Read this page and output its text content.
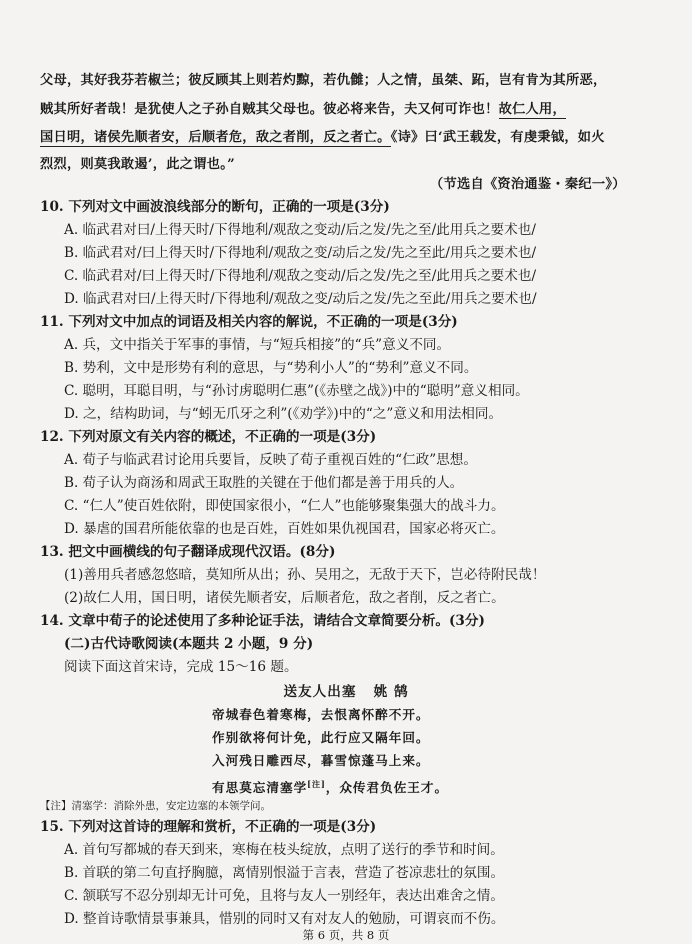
父母，其好我芬若椒兰；彼反顾其上则若灼黥，若仇雠；人之情，虽桀、跖，岂有肯为其所恶，
贼其所好者哉！是犹使人之子孙自贼其父母也。彼必将来告，夫又何可诈也！故仁人用，
国日明，诸侯先顺者安，后顺者危，敌之者削，反之者亡。《诗》曰‘武王载发，有虔秉钺，如火
烈烈，则莫我敢遏’，此之谓也。”
（节选自《资治通鉴・秦纪一》）
10. 下列对文中画波浪线部分的断句，正确的一项是(3分)
A. 临武君对曰/上得天时/下得地利/观敌之变动/后之发/先之至/此用兵之要术也/
B. 临武君对/曰上得天时/下得地利/观敌之变/动后之发/先之至此/用兵之要术也/
C. 临武君对/曰上得天时/下得地利/观敌之变动/后之发/先之至/此用兵之要术也/
D. 临武君对曰/上得天时/下得地利/观敌之变/动后之发/先之至此/用兵之要术也/
11. 下列对文中加点的词语及相关内容的解说，不正确的一项是(3分)
A. 兵，文中指关于军事的事情，与“短兵相接”的“兵”意义不同。
B. 势利，文中是形势有利的意思，与“势利小人”的“势利”意义不同。
C. 聪明，耳聪目明，与“孙讨虏聪明仁惠”(《赤壁之战》)中的“聪明”意义相同。
D. 之，结构助词，与“蚓无爪牙之利”(《劝学》)中的“之”意义和用法相同。
12. 下列对原文有关内容的概述，不正确的一项是(3分)
A. 荀子与临武君讨论用兵要旨，反映了荀子重视百姓的“仁政”思想。
B. 荀子认为商汤和周武王取胜的关键在于他们都是善于用兵的人。
C. “仁人”使百姓依附，即使国家很小，“仁人”也能够聚集强大的战斗力。
D. 暴虐的国君所能依靠的也是百姓，百姓如果仇视国君，国家必将灭亡。
13. 把文中画横线的句子翻译成现代汉语。(8分)
(1)善用兵者感忽悠暗，莫知所从出；孙、吴用之，无敌于天下，岂必待附民哉！
(2)故仁人用，国日明，诸侯先顺者安，后顺者危，敌之者削，反之者亡。
14. 文章中荀子的论述使用了多种论证手法，请结合文章简要分析。(3分)
(二)古代诗歌阅读(本题共 2 小题，9 分)
阅读下面这首宋诗，完成 15～16 题。
送友人出塞 姚 鹄
帝城春色着寒梅，去恨离怀醉不开。
作别欲将何计免，此行应又隔年回。
入河残日雕西尽，暮雪惊蓬马上来。
有思莫忘清塞学[注]，众传君负佐王才。
【注】清塞学：消除外患，安定边塞的本领学问。
15. 下列对这首诗的理解和赏析，不正确的一项是(3分)
A. 首句写都城的春天到来，寒梅在枝头绽放，点明了送行的季节和时间。
B. 首联的第二句直抒胸臆，离情别恨溢于言表，营造了苍凉悲壮的氛围。
C. 颔联写不忍分别却无计可免，且将与友人一别经年，表达出难舍之情。
D. 整首诗歌情景事兼具，惜别的同时又有对友人的勉励，可谓哀而不伤。
第 6 页，共 8 页
